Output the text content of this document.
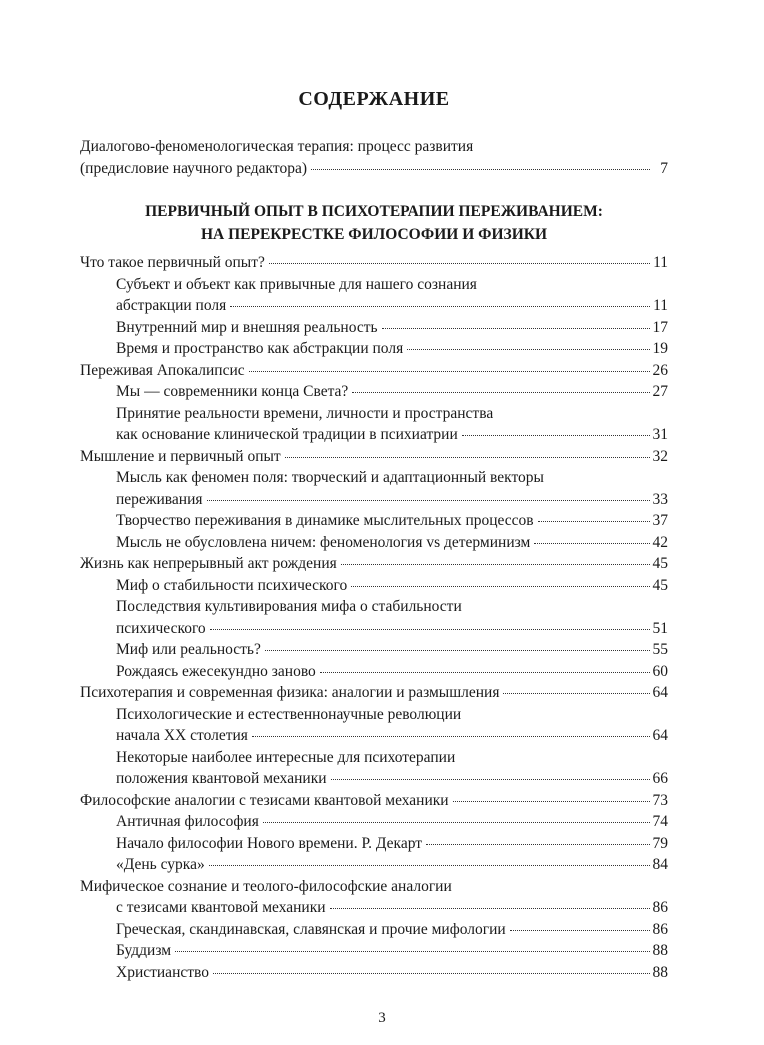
СОДЕРЖАНИЕ
Диалогово-феноменологическая терапия: процесс развития
(предисловие научного редактора)	7
ПЕРВИЧНЫЙ ОПЫТ В ПСИХОТЕРАПИИ ПЕРЕЖИВАНИЕМ:
НА ПЕРЕКРЕСТКЕ ФИЛОСОФИИ И ФИЗИКИ
Что такое первичный опыт?	11
Субъект и объект как привычные для нашего сознания
абстракции поля	11
Внутренний мир и внешняя реальность	17
Время и пространство как абстракции поля	19
Переживая Апокалипсис	26
Мы — современники конца Света?	27
Принятие реальности времени, личности и пространства
как основание клинической традиции в психиатрии	31
Мышление и первичный опыт	32
Мысль как феномен поля: творческий и адаптационный векторы
переживания	33
Творчество переживания в динамике мыслительных процессов	37
Мысль не обусловлена ничем: феноменология vs детерминизм	42
Жизнь как непрерывный акт рождения	45
Миф о стабильности психического	45
Последствия культивирования мифа о стабильности
психического	51
Миф или реальность?	55
Рождаясь ежесекундно заново	60
Психотерапия и современная физика: аналогии и размышления	64
Психологические и естественнонаучные революции
начала XX столетия	64
Некоторые наиболее интересные для психотерапии
положения квантовой механики	66
Философские аналогии с тезисами квантовой механики	73
Античная философия	74
Начало философии Нового времени. Р. Декарт	79
«День сурка»	84
Мифическое сознание и теолого-философские аналогии
с тезисами квантовой механики	86
Греческая, скандинавская, славянская и прочие мифологии	86
Буддизм	88
Христианство	88
3
